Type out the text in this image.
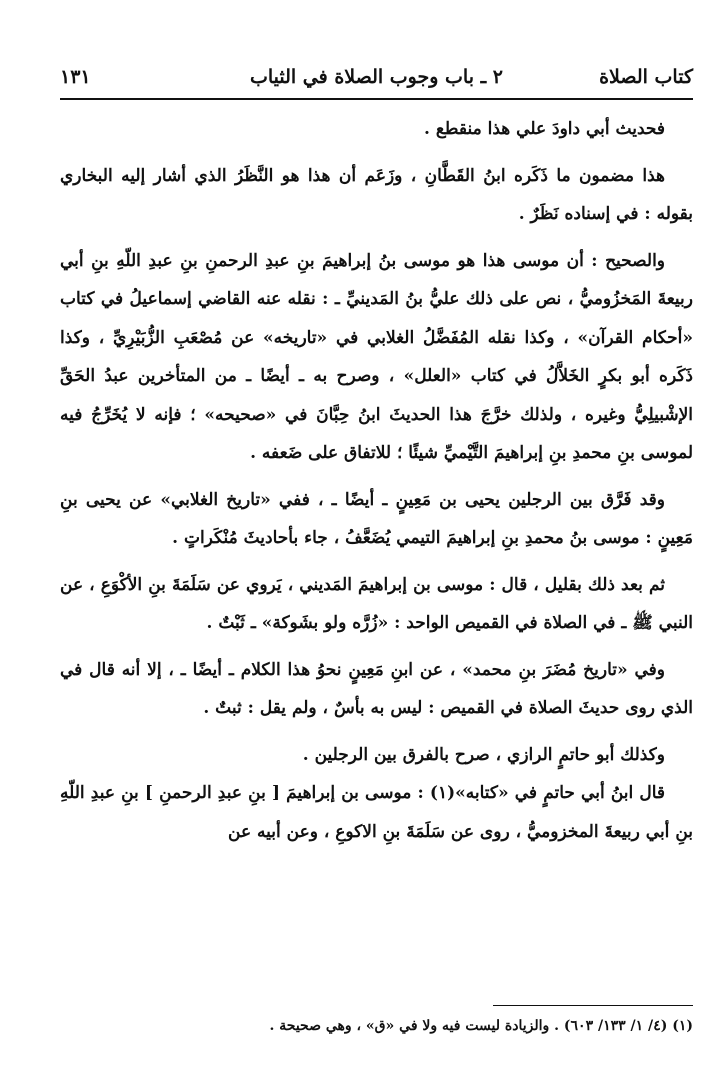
كتاب الصلاة
٢ ـ باب وجوب الصلاة في الثياب
١٣١

فحديث أبي داودَ علي هذا منقطع .

هذا مضمون ما ذَكَره ابنُ القَطَّانِ ، وزَعَم أن هذا هو النَّظَرُ الذي أشار إليه البخاري بقوله : في إسناده نَظَرٌ .

والصحيح : أن موسى هذا هو موسى بنُ إبراهيمَ بنِ عبدِ الرحمنِ بنِ عبدِ اللّهِ بنِ أبي ربيعةَ المَخزُوميُّ ، نص على ذلك عليُّ بنُ المَدينيِّ ـ : نقله عنه القاضي إسماعيلُ في كتاب «أحكام القرآن» ، وكذا نقله المُفَضَّلُ الغلابي في «تاريخه» عن مُصْعَبِ الزُّبَيْرِيِّ ، وكذا ذَكَره أبو بكرٍ الخَلاَّلُ في كتاب «العلل» ، وصرح به ـ أيضًا ـ من المتأخرين عبدُ الحَقِّ الإشْبيلِيُّ وغيره ، ولذلك خرَّجَ هذا الحديثَ ابنُ حِبَّانَ في «صحيحه» ؛ فإنه لا يُخَرِّجُ فيه لموسى بنِ محمدِ بنِ إبراهيمَ التَّيْميِّ شيئًا ؛ للاتفاق على ضَعفه .

وقد فَرَّق بين الرجلين يحيى بن مَعِينٍ ـ أيضًا ـ ، ففي «تاريخ الغلابي» عن يحيى بنِ مَعِينٍ : موسى بنُ محمدِ بنِ إبراهيمَ التيمي يُضَعَّفُ ، جاء بأحاديثَ مُنْكَراتٍ .

ثم بعد ذلك بقليل ، قال : موسى بن إبراهيمَ المَديني ، يَروي عن سَلَمَةَ بنِ الأكْوَعِ ، عن النبي ﷺ ـ في الصلاة في القميص الواحد : «زُرَّه ولو بشَوكة» ـ ثَبْتٌ .

وفي «تاريخ مُضَرَ بنِ محمد» ، عن ابنِ مَعِينٍ نحوُ هذا الكلام ـ أيضًا ـ ، إلا أنه قال في الذي روى حديثَ الصلاة في القميص : ليس به بأسٌ ، ولم يقل : ثبتٌ .

وكذلك أبو حاتمٍ الرازي ، صرح بالفرق بين الرجلين .

قال ابنُ أبي حاتمٍ في «كتابه»(١) : موسى بن إبراهيمَ [ بنِ عبدِ الرحمنِ ] بنِ عبدِ اللّهِ بنِ أبي ربيعةَ المخزوميُّ ، روى عن سَلَمَةَ بنِ الاكوعِ ، وعن أبيه عن

(١) (٤/ ١/ ١٣٣/ ٦٠٣) . والزيادة ليست فيه ولا في «ق» ، وهي صحيحة .
